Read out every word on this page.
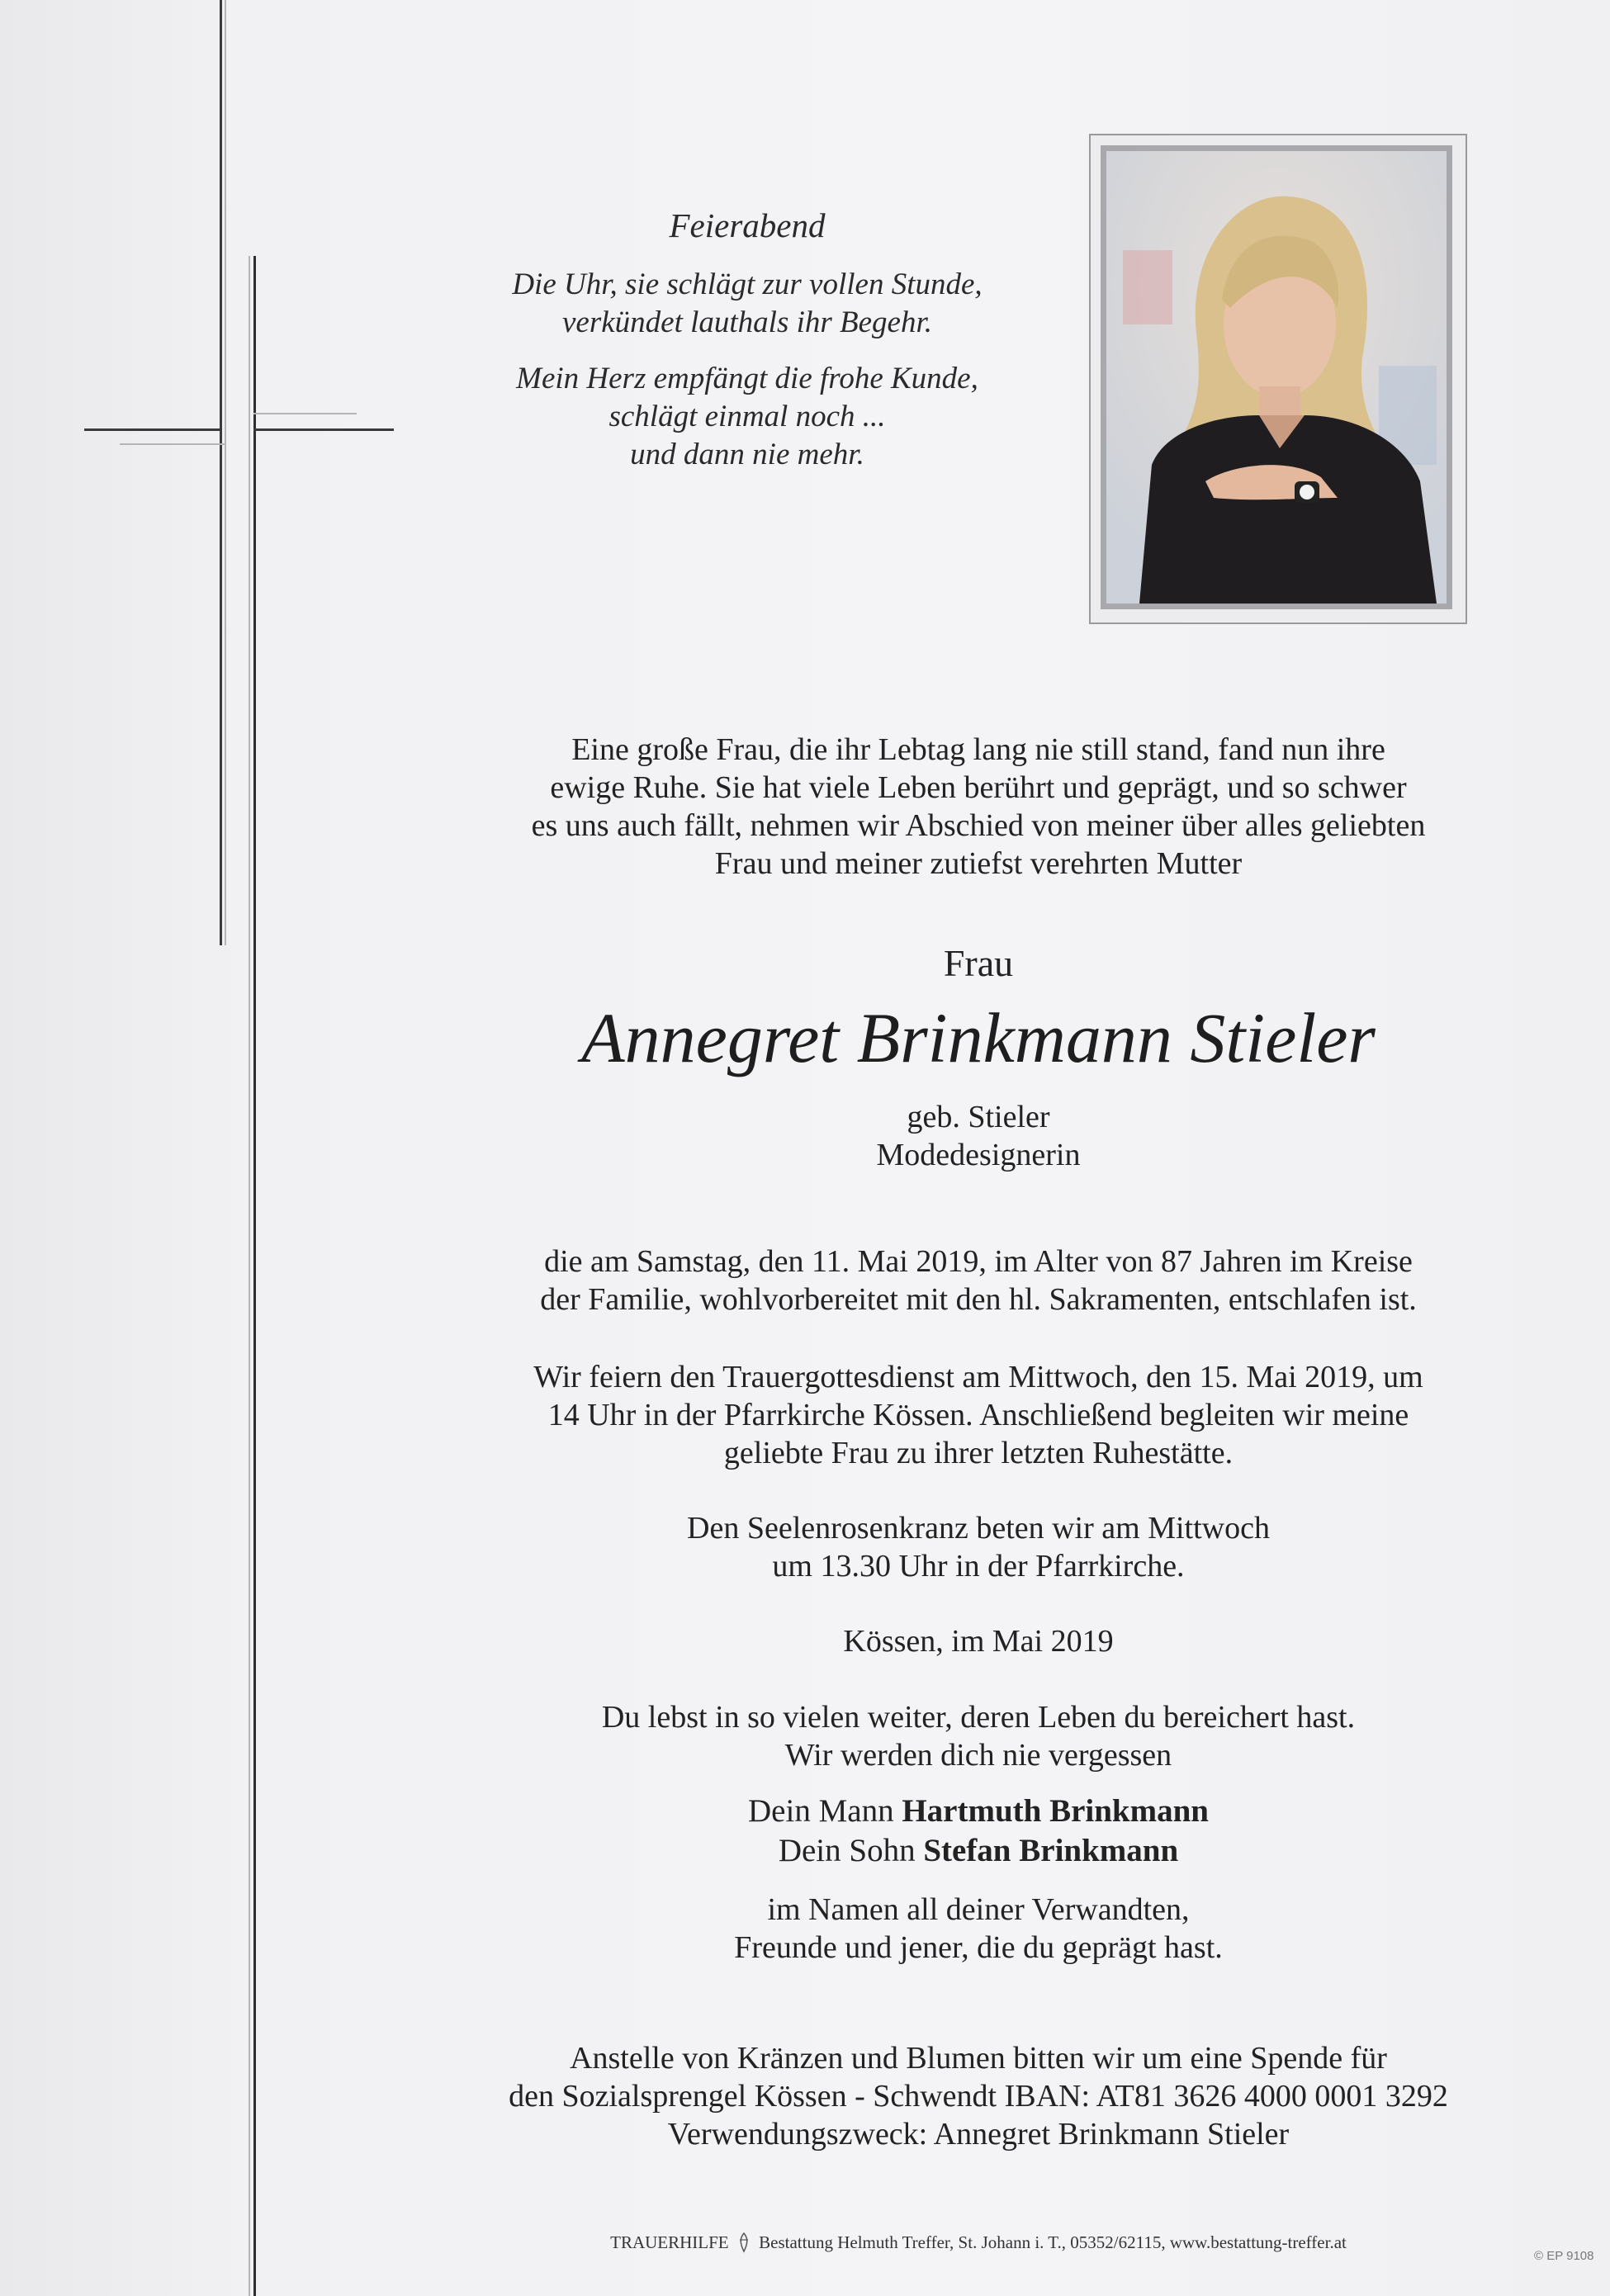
Feierabend
Die Uhr, sie schlägt zur vollen Stunde,
verkündet lauthals ihr Begehr.
Mein Herz empfängt die frohe Kunde,
schlägt einmal noch ...
und dann nie mehr.
Eine große Frau, die ihr Lebtag lang nie still stand, fand nun ihre
ewige Ruhe. Sie hat viele Leben berührt und geprägt, und so schwer
es uns auch fällt, nehmen wir Abschied von meiner über alles geliebten
Frau und meiner zutiefst verehrten Mutter
Frau
Annegret Brinkmann Stieler
geb. Stieler
Modedesignerin
die am Samstag, den 11. Mai 2019, im Alter von 87 Jahren im Kreise
der Familie, wohlvorbereitet mit den hl. Sakramenten, entschlafen ist.
Wir feiern den Trauergottesdienst am Mittwoch, den 15. Mai 2019, um
14 Uhr in der Pfarrkirche Kössen. Anschließend begleiten wir meine
geliebte Frau zu ihrer letzten Ruhestätte.
Den Seelenrosenkranz beten wir am Mittwoch
um 13.30 Uhr in der Pfarrkirche.
Kössen, im Mai 2019
Du lebst in so vielen weiter, deren Leben du bereichert hast.
Wir werden dich nie vergessen
Dein Mann Hartmuth Brinkmann
Dein Sohn Stefan Brinkmann
im Namen all deiner Verwandten,
Freunde und jener, die du geprägt hast.
Anstelle von Kränzen und Blumen bitten wir um eine Spende für
den Sozialsprengel Kössen - Schwendt IBAN: AT81 3626 4000 0001 3292
Verwendungszweck: Annegret Brinkmann Stieler
TRAUERHILFE Bestattung Helmuth Treffer, St. Johann i. T., 05352/62115, www.bestattung-treffer.at
© EP 9108
